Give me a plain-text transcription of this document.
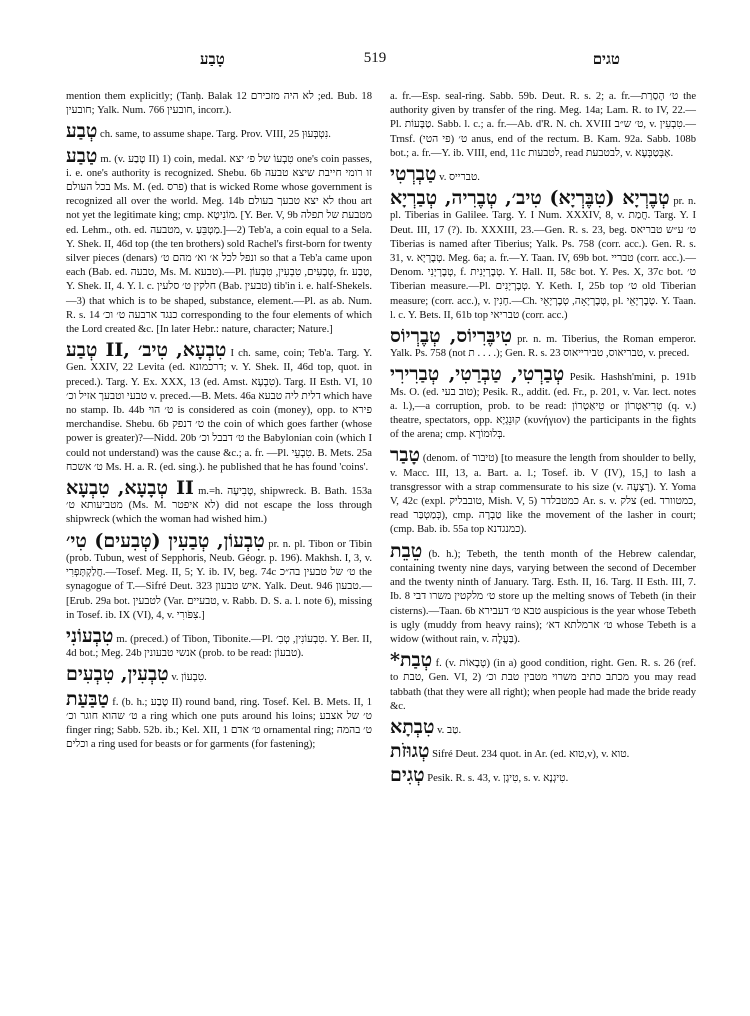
טָבַע	519	טגים
mention them explicitly; (Tanḥ. Balak 12 לא היה מזכירם ;ed. Bub. 18 חובעין; Yalk. Num. 766 חובעין, incorr.).
טְבַע ch. same, to assume shape. Targ. Prov. VIII, 25 נִטְבְּעוּן.
טַבַע m. (v. טָבַע II) 1) coin, medal. טִבְעוֹ של פ׳ יצא one's coin passes, i. e. one's authority is recognized. Shebu. 6b זו רומי חייבת שיצא טבעה בכל העולם Ms. M. (ed. פרס) that is wicked Rome whose government is recognized all over the world. Meg. 14b לא יצא טבעך בעולם thou art not yet the legitimate king; cmp. מוֹנִיטָא. [Y. Ber. V, 9b מטבעת של תפלה ed. Lehm., oth. ed. מטבעה, v. מַטְבֵּעַ.]—2) Teb'a, a coin equal to a Sela. Y. Shek. II, 46d top (the ten brothers) sold Rachel's first-born for twenty silver pieces (denars) ונפל לכל א׳ וא׳ מהם ט׳ so that a Teb'a came upon each (Bab. ed. טבעה, Ms. M. טבעא).—Pl. טְבָעִים, טִבְעִין, טִבְעוֹן, fr. טַבַע, Y. Shek. II, 4. Y. l. c. חלקין ט׳ סלעין (Bab. טבעין) tib'in i. e. half-Shekels.—3) that which is to be shaped, substance, element.—Pl. as ab. Num. R. s. 14 כנגד ארבעה ט׳ וכ׳ corresponding to the four elements of which the Lord created &c. [In later Hebr.: nature, character; Nature.]
טְבַע II, טִבְעָא, טִיב׳ I ch. same, coin; Teb'a. Targ. Y. Gen. XXIV, 22 Levita (ed. דרכמונא; v. Y. Shek. II, 46d top, quot. in preced.). Targ. Y. Ex. XXX, 13 (ed. Amst. טִבְעָא). Targ. II Esth. VI, 10 טבעי וטבעך אזיל וכ׳ v. preced.—B. Mets. 46a דלית ליה טבעא which have no stamp. Ib. 44b ט׳ הוי is considered as coin (money), opp. to פירא merchandise. Shebu. 6b ט׳ דנפק the coin of which goes farther (whose power is greater)?—Nidd. 20b ט׳ דבבל וכ׳ the Babylonian coin (which I could not understand) was the cause &c.; a. fr. —Pl. טִבְעֵי. B. Mets. 25a ט׳ אשכח Ms. H. a. R. (ed. sing.). he published that he has found 'coins'.
טְבָעָא, טִבְעָא II m.=h. טְבִיעָה, shipwreck. B. Bath. 153a מטביעותא ט׳ (Ms. M. לא איפטר) did not escape the loss through shipwreck (which the woman had wished him.)
טִבְעוֹן, טְבַעִין (טְבִעים) טִי׳ pr. n. pl. Tibon or Tibin (prob. Tubun, west of Sepphoris, Neub. Géogr. p. 196). Makhsh. I, 3, v. חֲלַקְתָּפְרִי.—Tosef. Meg. II, 5; Y. ib. IV, beg. 74c ט׳ של טבעין בה״כ the synagogue of T.—Sifré Deut. 323 איש טבעון. Yalk. Deut. 946 טבעון.—[Erub. 29a bot. לטבעין (Var. טבעיים, v. Rabb. D. S. a. l. note 6), missing in Tosef. ib. IX (VI), 4, v. צִפֹּורִי.]
טִבְעוֹנִי m. (preced.) of Tibon, Tibonite.—Pl. טִבְעוֹנִין, טְבִ׳. Y. Ber. II, 4d bot.; Meg. 24b אנשי טבעונין (prob. to be read: טבעוֹן).
טִבְעִין, טִבְעִים v. טִבְעוֹן.
טַבַּעַת f. (b. h.; טָבַע II) round band, ring. Tosef. Kel. B. Mets. II, 1 ט׳ שהוא חוגר וכ׳ a ring which one puts around his loins; ט׳ של אצבע finger ring; Sabb. 52b. ib.; Kel. XII, 1 ט׳ אדם ornamental ring; ט׳ בהמה וכלים a ring used for beasts or for garments (for fastening);
a. fr.—Esp. seal-ring. Sabb. 59b. Deut. R. s. 2; a. fr.—ט׳ הָסַרַת the authority given by transfer of the ring. Meg. 14a; Lam. R. to IV, 22.—Pl. טַבָּעוֹת. Sabb. l. c.; a. fr.—Ab. d'R. N. ch. XVIII ט׳ ש״ב, v. טִבְעִין.—Trnsf. ט׳ (פי הטי) anus, end of the rectum. B. Kam. 92a. Sabb. 108b bot.; a. fr.—Y. ib. VIII, end, 11c לטבעות, read לבטבעת, v. אַבְּטַבְּעָא.
טַבְרְטִי v. טברייס.
טְבֶרְיָא (טִבֶּרְיָא) טִיב׳, טְבֶרִיה, טְבַרְיָא pr. n. pl. Tiberias in Galilee. Targ. Y. I Num. XXXIV, 8, v. חֲמַת. Targ. Y. I Deut. III, 17 (?). Ib. XXXIII, 23.—Gen. R. s. 23, beg. ט׳ ע״ש טבריאס Tiberias is named after Tiberius; Yalk. Ps. 758 (corr. acc.). Gen. R. s. 31, v. טְבֶרְיָא. Meg. 6a; a. fr.—Y. Taan. IV, 69b bot. טבריי (corr. acc.).—Denom. טְבֶרְיָנִי, f. טְבֶרְיָנִית. Y. Hall. II, 58c bot. Y. Pes. X, 37c bot. ט׳ Tiberian measure.—Pl. טְבֶרְיָנִים. Y. Keth. I, 25b top ט׳ old Tiberian measure; (corr. acc.), v. חָנִין.—Ch. טְבֶרְיָאָה, טְבֶרְיָאֵי, pl. טְבֶרְיָאֵי. Y. Taan. l. c. Y. Bets. II, 61b top טבריאי (corr. acc.)
טִיבֶּרִיוֹס, טְבֶרְיוֹס pr. n. m. Tiberius, the Roman emperor. Yalk. Ps. 758 (not ת . . . .); Gen. R. s. 23 טבריאוס, טבירייאוס, v. preced.
טְבַרְטִי, טַבְרַטִי, טְבַרִירִי Pesik. Hashsh'mini, p. 191b Ms. O. (ed. טוב בעי); Pesik. R., addit. (ed. Fr., p. 201, v. Var. lect. notes a. l.),—a corruption, prob. to be read: טֵיאַטְרוֹן or טְרִיאַטְרוֹן (q. v.) theatre, spectators, opp. קוּנֵגְיָא (κυνήγιον) the participants in the fights of the arena; cmp. בְּלוּמוֹרָא.
טָבַר (denom. of טיבור) [to measure the length from shoulder to belly, v. Macc. III, 13, a. Bart. a. l.; Tosef. ib. V (IV), 15,] to lash a transgressor with a strap commensurate to his size (v. רָצְעָה). Y. Yoma V, 42c (expl. טובבליק, Mish. V, 5) כמטבלדר Ar. s. v. צלק (ed. כמטוורד, read כְּמַטְבַּר), cmp. טַבְרָה like the movement of the lasher in court; (cmp. Bab. ib. 55a top כמנגדנא).
טֵבֵת (b. h.); Tebeth, the tenth month of the Hebrew calendar, containing twenty nine days, varying between the second of December and the twenty ninth of January. Targ. Esth. II, 16. Targ. II Esth. III, 7. Ib. 8 ט׳ מלקטין משרו דבי store up the melting snows of Tebeth (in their cisterns).—Taan. 6b טבא ט׳ דעבירא auspicious is the year whose Tebeth is ugly (muddy from heavy rains); ט׳ ארמלתא דא׳ whose Tebeth is a widow (without rain, v. בַּעֲלָה).
*טְבַת f. (v. טְבָאוֹת) (in a) good condition, right. Gen. R. s. 26 (ref. to טבת, Gen. VI, 2) מכתב כתיב משרוי מטבין טבת וכ׳ you may read tabbath (that they were all right); when people had made the bride ready &c.
טִבְתָא v. טַב.
טְגוּזֹת Sifré Deut. 234 quot. in Ar. (ed. טוא,v), v. טוא.
טְגִים Pesik. R. s. 43, v. טִיגָן, s. v. טִיגְנָא.
